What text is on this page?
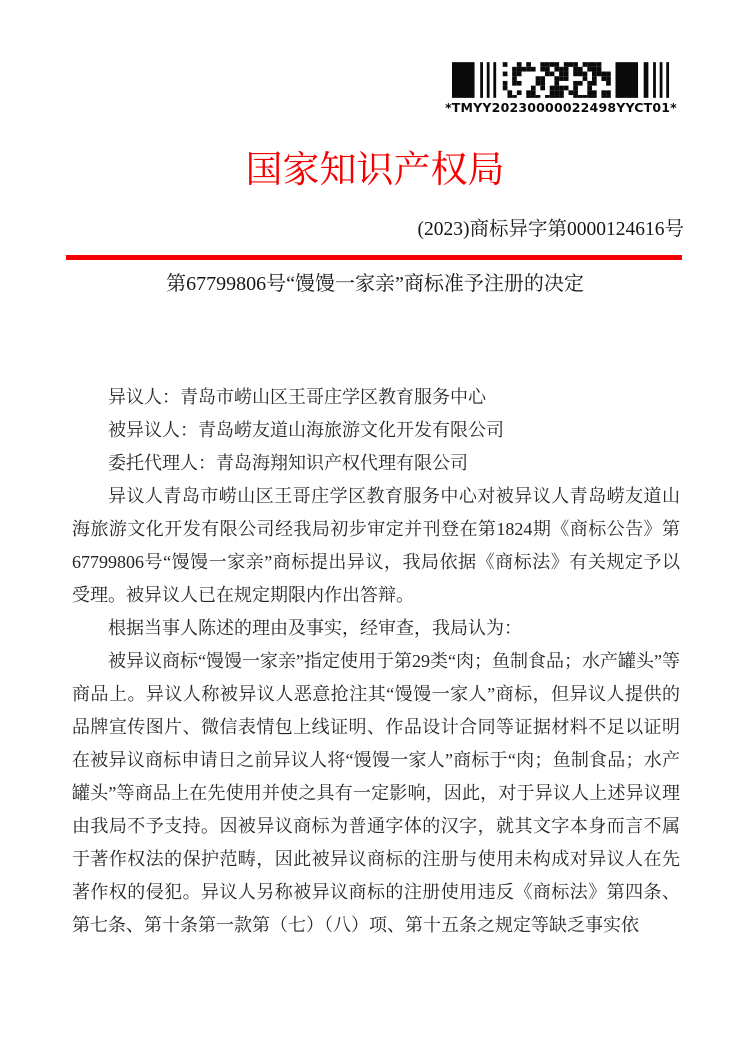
*TMYY20230000022498YYCT01*
国家知识产权局
(2023)商标异字第0000124616号
第67799806号“馒馒一家亲”商标准予注册的决定

异议人：青岛市崂山区王哥庄学区教育服务中心

被异议人：青岛崂友道山海旅游文化开发有限公司

委托代理人：青岛海翔知识产权代理有限公司

异议人青岛市崂山区王哥庄学区教育服务中心对被异议人青岛崂友道山海旅游文化开发有限公司经我局初步审定并刊登在第1824期《商标公告》第67799806号“馒馒一家亲”商标提出异议，我局依据《商标法》有关规定予以受理。被异议人已在规定期限内作出答辩。

根据当事人陈述的理由及事实，经审查，我局认为：

被异议商标“馒馒一家亲”指定使用于第29类“肉；鱼制食品；水产罐头”等商品上。异议人称被异议人恶意抢注其“馒馒一家人”商标，但异议人提供的品牌宣传图片、微信表情包上线证明、作品设计合同等证据材料不足以证明在被异议商标申请日之前异议人将“馒馒一家人”商标于“肉；鱼制食品；水产罐头”等商品上在先使用并使之具有一定影响，因此，对于异议人上述异议理由我局不予支持。因被异议商标为普通字体的汉字，就其文字本身而言不属于著作权法的保护范畴，因此被异议商标的注册与使用未构成对异议人在先著作权的侵犯。异议人另称被异议商标的注册使用违反《商标法》第四条、第七条、第十条第一款第（七）（八）项、第十五条之规定等缺乏事实依
